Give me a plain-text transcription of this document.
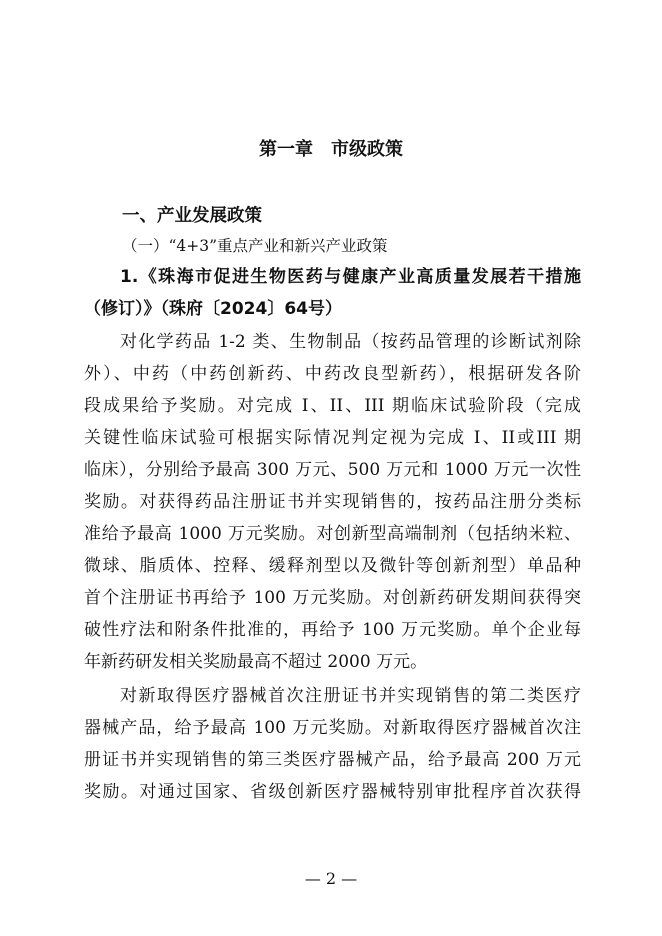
第一章　市级政策
一、产业发展政策
（一）“4+3”重点产业和新兴产业政策
1.《珠海市促进生物医药与健康产业高质量发展若干措施
（修订）》（珠府〔2024〕64号）
对化学药品 1-2 类、生物制品（按药品管理的诊断试剂除
外）、中药（中药创新药、中药改良型新药），根据研发各阶
段成果给予奖励。对完成 I、II、III 期临床试验阶段（完成
关键性临床试验可根据实际情况判定视为完成 I、II或III 期
临床），分别给予最高 300 万元、500 万元和 1000 万元一次性
奖励。对获得药品注册证书并实现销售的，按药品注册分类标
准给予最高 1000 万元奖励。对创新型高端制剂（包括纳米粒、
微球、脂质体、控释、缓释剂型以及微针等创新剂型）单品种
首个注册证书再给予 100 万元奖励。对创新药研发期间获得突
破性疗法和附条件批准的，再给予 100 万元奖励。单个企业每
年新药研发相关奖励最高不超过 2000 万元。
对新取得医疗器械首次注册证书并实现销售的第二类医疗
器械产品，给予最高 100 万元奖励。对新取得医疗器械首次注
册证书并实现销售的第三类医疗器械产品，给予最高 200 万元
奖励。对通过国家、省级创新医疗器械特别审批程序首次获得
— 2 —
